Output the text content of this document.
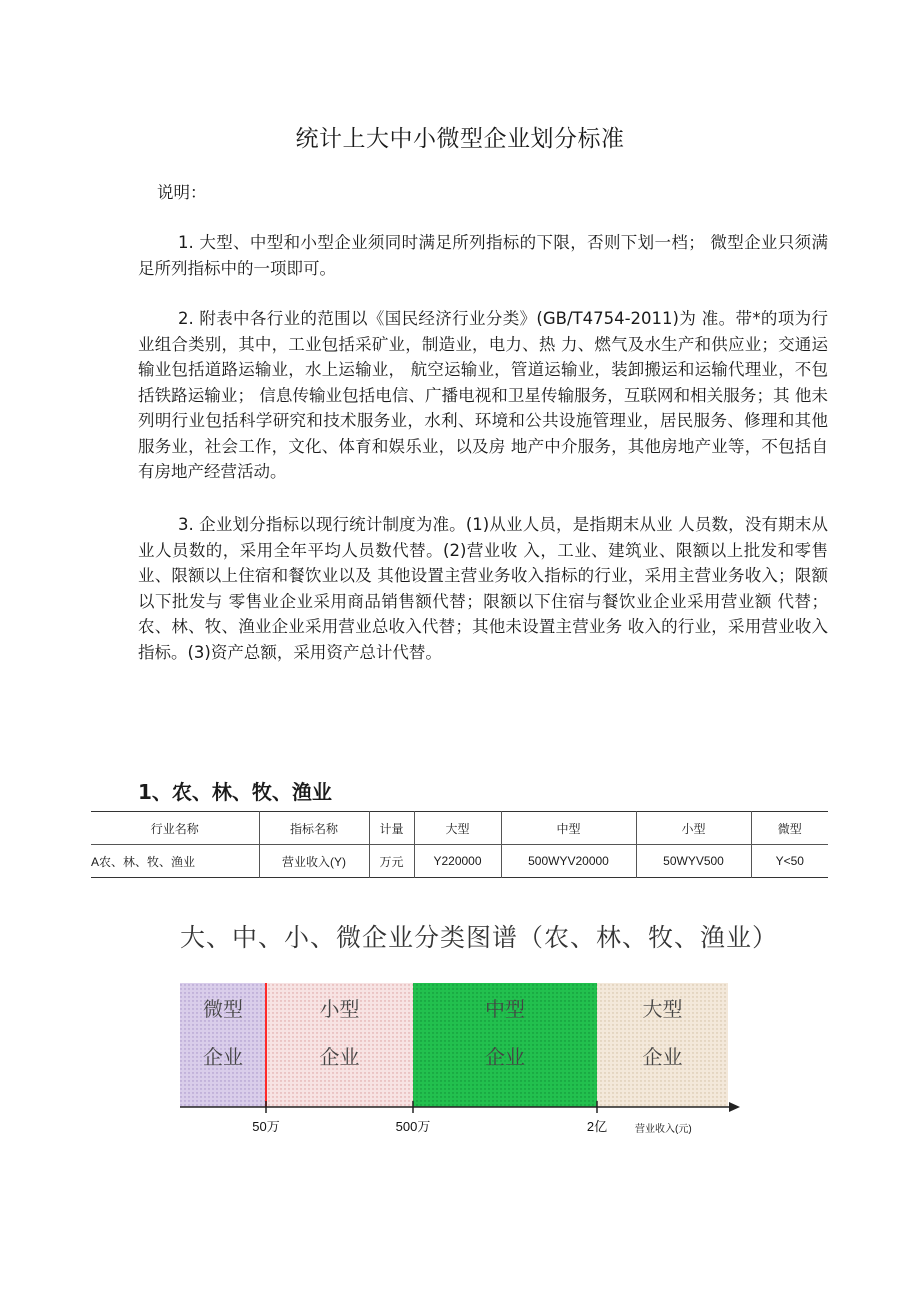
统计上大中小微型企业划分标准
说明：
1. 大型、中型和小型企业须同时满足所列指标的下限，否则下划一档； 微型企业只须满足所列指标中的一项即可。
2. 附表中各行业的范围以《国民经济行业分类》(GB/T4754-2011)为 准。带*的项为行业组合类别，其中，工业包括采矿业，制造业，电力、热 力、燃气及水生产和供应业；交通运输业包括道路运输业，水上运输业， 航空运输业，管道运输业，装卸搬运和运输代理业，不包括铁路运输业； 信息传输业包括电信、广播电视和卫星传输服务，互联网和相关服务；其 他未列明行业包括科学研究和技术服务业，水利、环境和公共设施管理业，居民服务、修理和其他服务业，社会工作，文化、体育和娱乐业，以及房 地产中介服务，其他房地产业等，不包括自有房地产经营活动。
3. 企业划分指标以现行统计制度为准。(1)从业人员，是指期末从业 人员数，没有期末从业人员数的，采用全年平均人员数代替。(2)营业收 入，工业、建筑业、限额以上批发和零售业、限额以上住宿和餐饮业以及 其他设置主营业务收入指标的行业，采用主营业务收入；限额以下批发与 零售业企业采用商品销售额代替；限额以下住宿与餐饮业企业采用营业额 代替；农、林、牧、渔业企业采用营业总收入代替；其他未设置主营业务 收入的行业，采用营业收入指标。(3)资产总额，采用资产总计代替。
1、农、林、牧、渔业
行业名称	指标名称	计量	大型	中型	小型	微型
A农、林、牧、渔业	营业收入(Y)	万元	Y220000	500WYV20000	50WYV500	Y<50
大、中、小、微企业分类图谱（农、林、牧、渔业）
微型
企业
小型
企业
中型
企业
大型
企业
50万	500万	2亿	营业收入(元)
